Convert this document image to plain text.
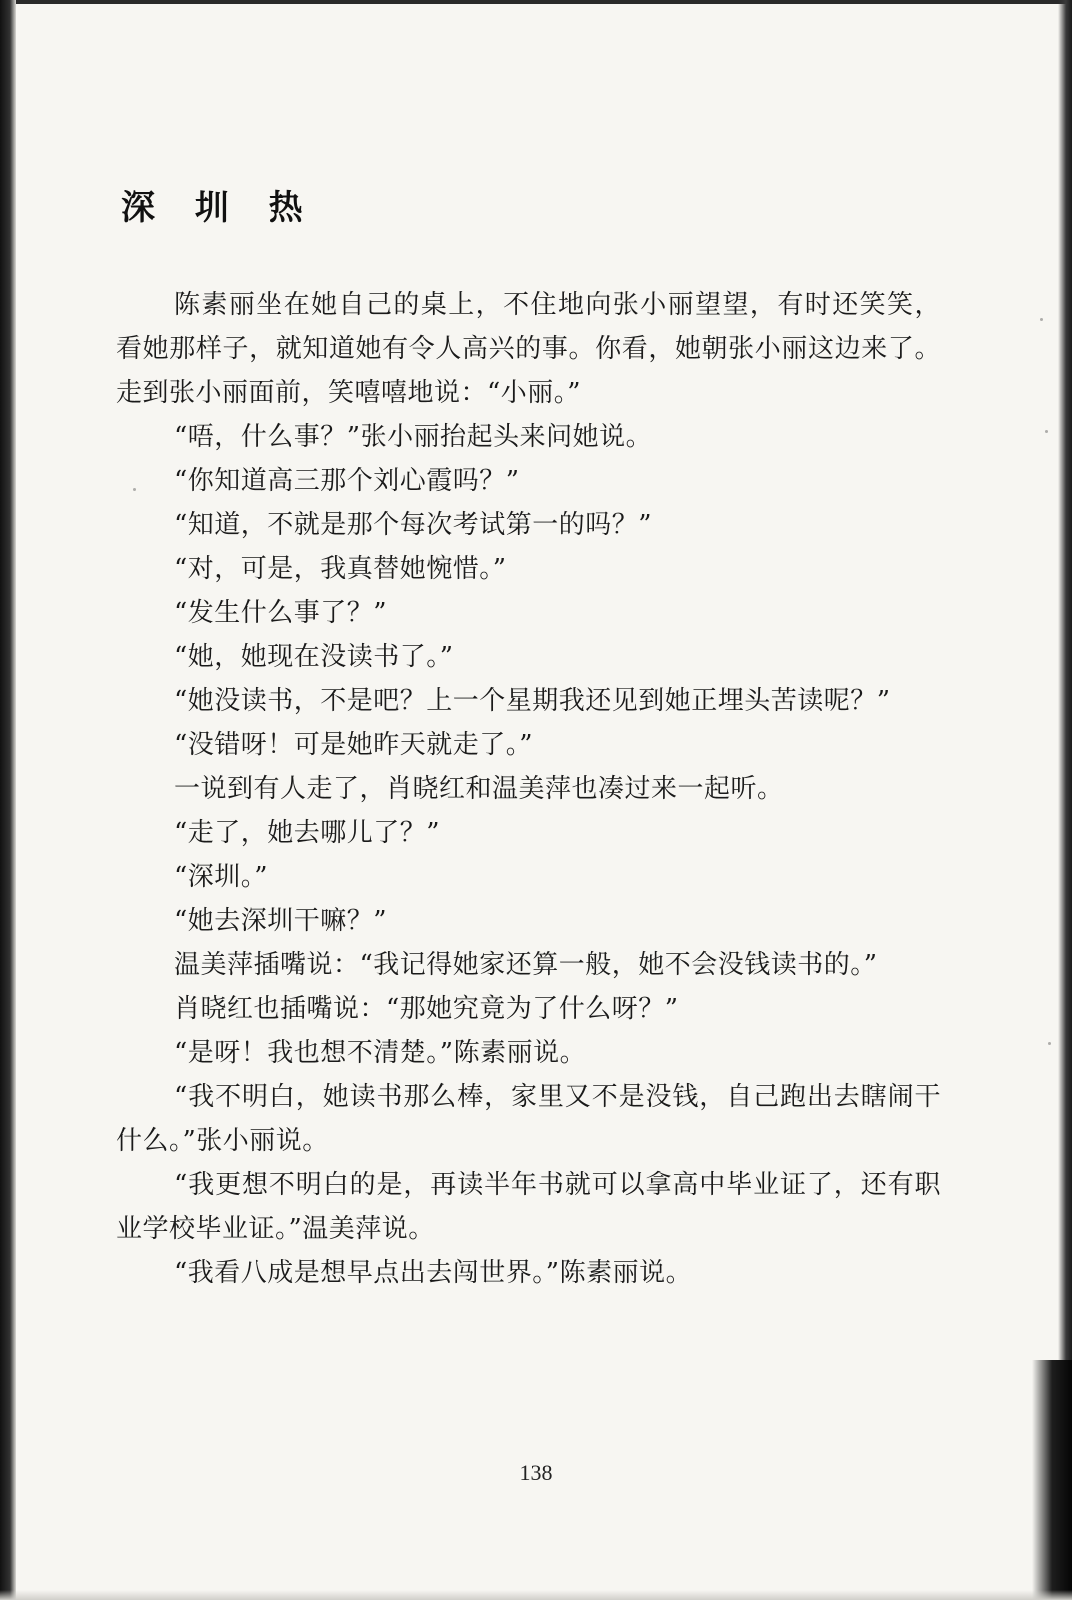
深 圳 热

陈素丽坐在她自己的桌上，不住地向张小丽望望，有时还笑笑，看她那样子，就知道她有令人高兴的事。你看，她朝张小丽这边来了。走到张小丽面前，笑嘻嘻地说：“小丽。”

“唔，什么事？”张小丽抬起头来问她说。

“你知道高三那个刘心霞吗？”

“知道，不就是那个每次考试第一的吗？”

“对，可是，我真替她惋惜。”

“发生什么事了？”

“她，她现在没读书了。”

“她没读书，不是吧？上一个星期我还见到她正埋头苦读呢？”

“没错呀！可是她昨天就走了。”

一说到有人走了，肖晓红和温美萍也凑过来一起听。

“走了，她去哪儿了？”

“深圳。”

“她去深圳干嘛？”

温美萍插嘴说：“我记得她家还算一般，她不会没钱读书的。”

肖晓红也插嘴说：“那她究竟为了什么呀？”

“是呀！我也想不清楚。”陈素丽说。

“我不明白，她读书那么棒，家里又不是没钱，自己跑出去瞎闹干什么。”张小丽说。

“我更想不明白的是，再读半年书就可以拿高中毕业证了，还有职业学校毕业证。”温美萍说。

“我看八成是想早点出去闯世界。”陈素丽说。

138
